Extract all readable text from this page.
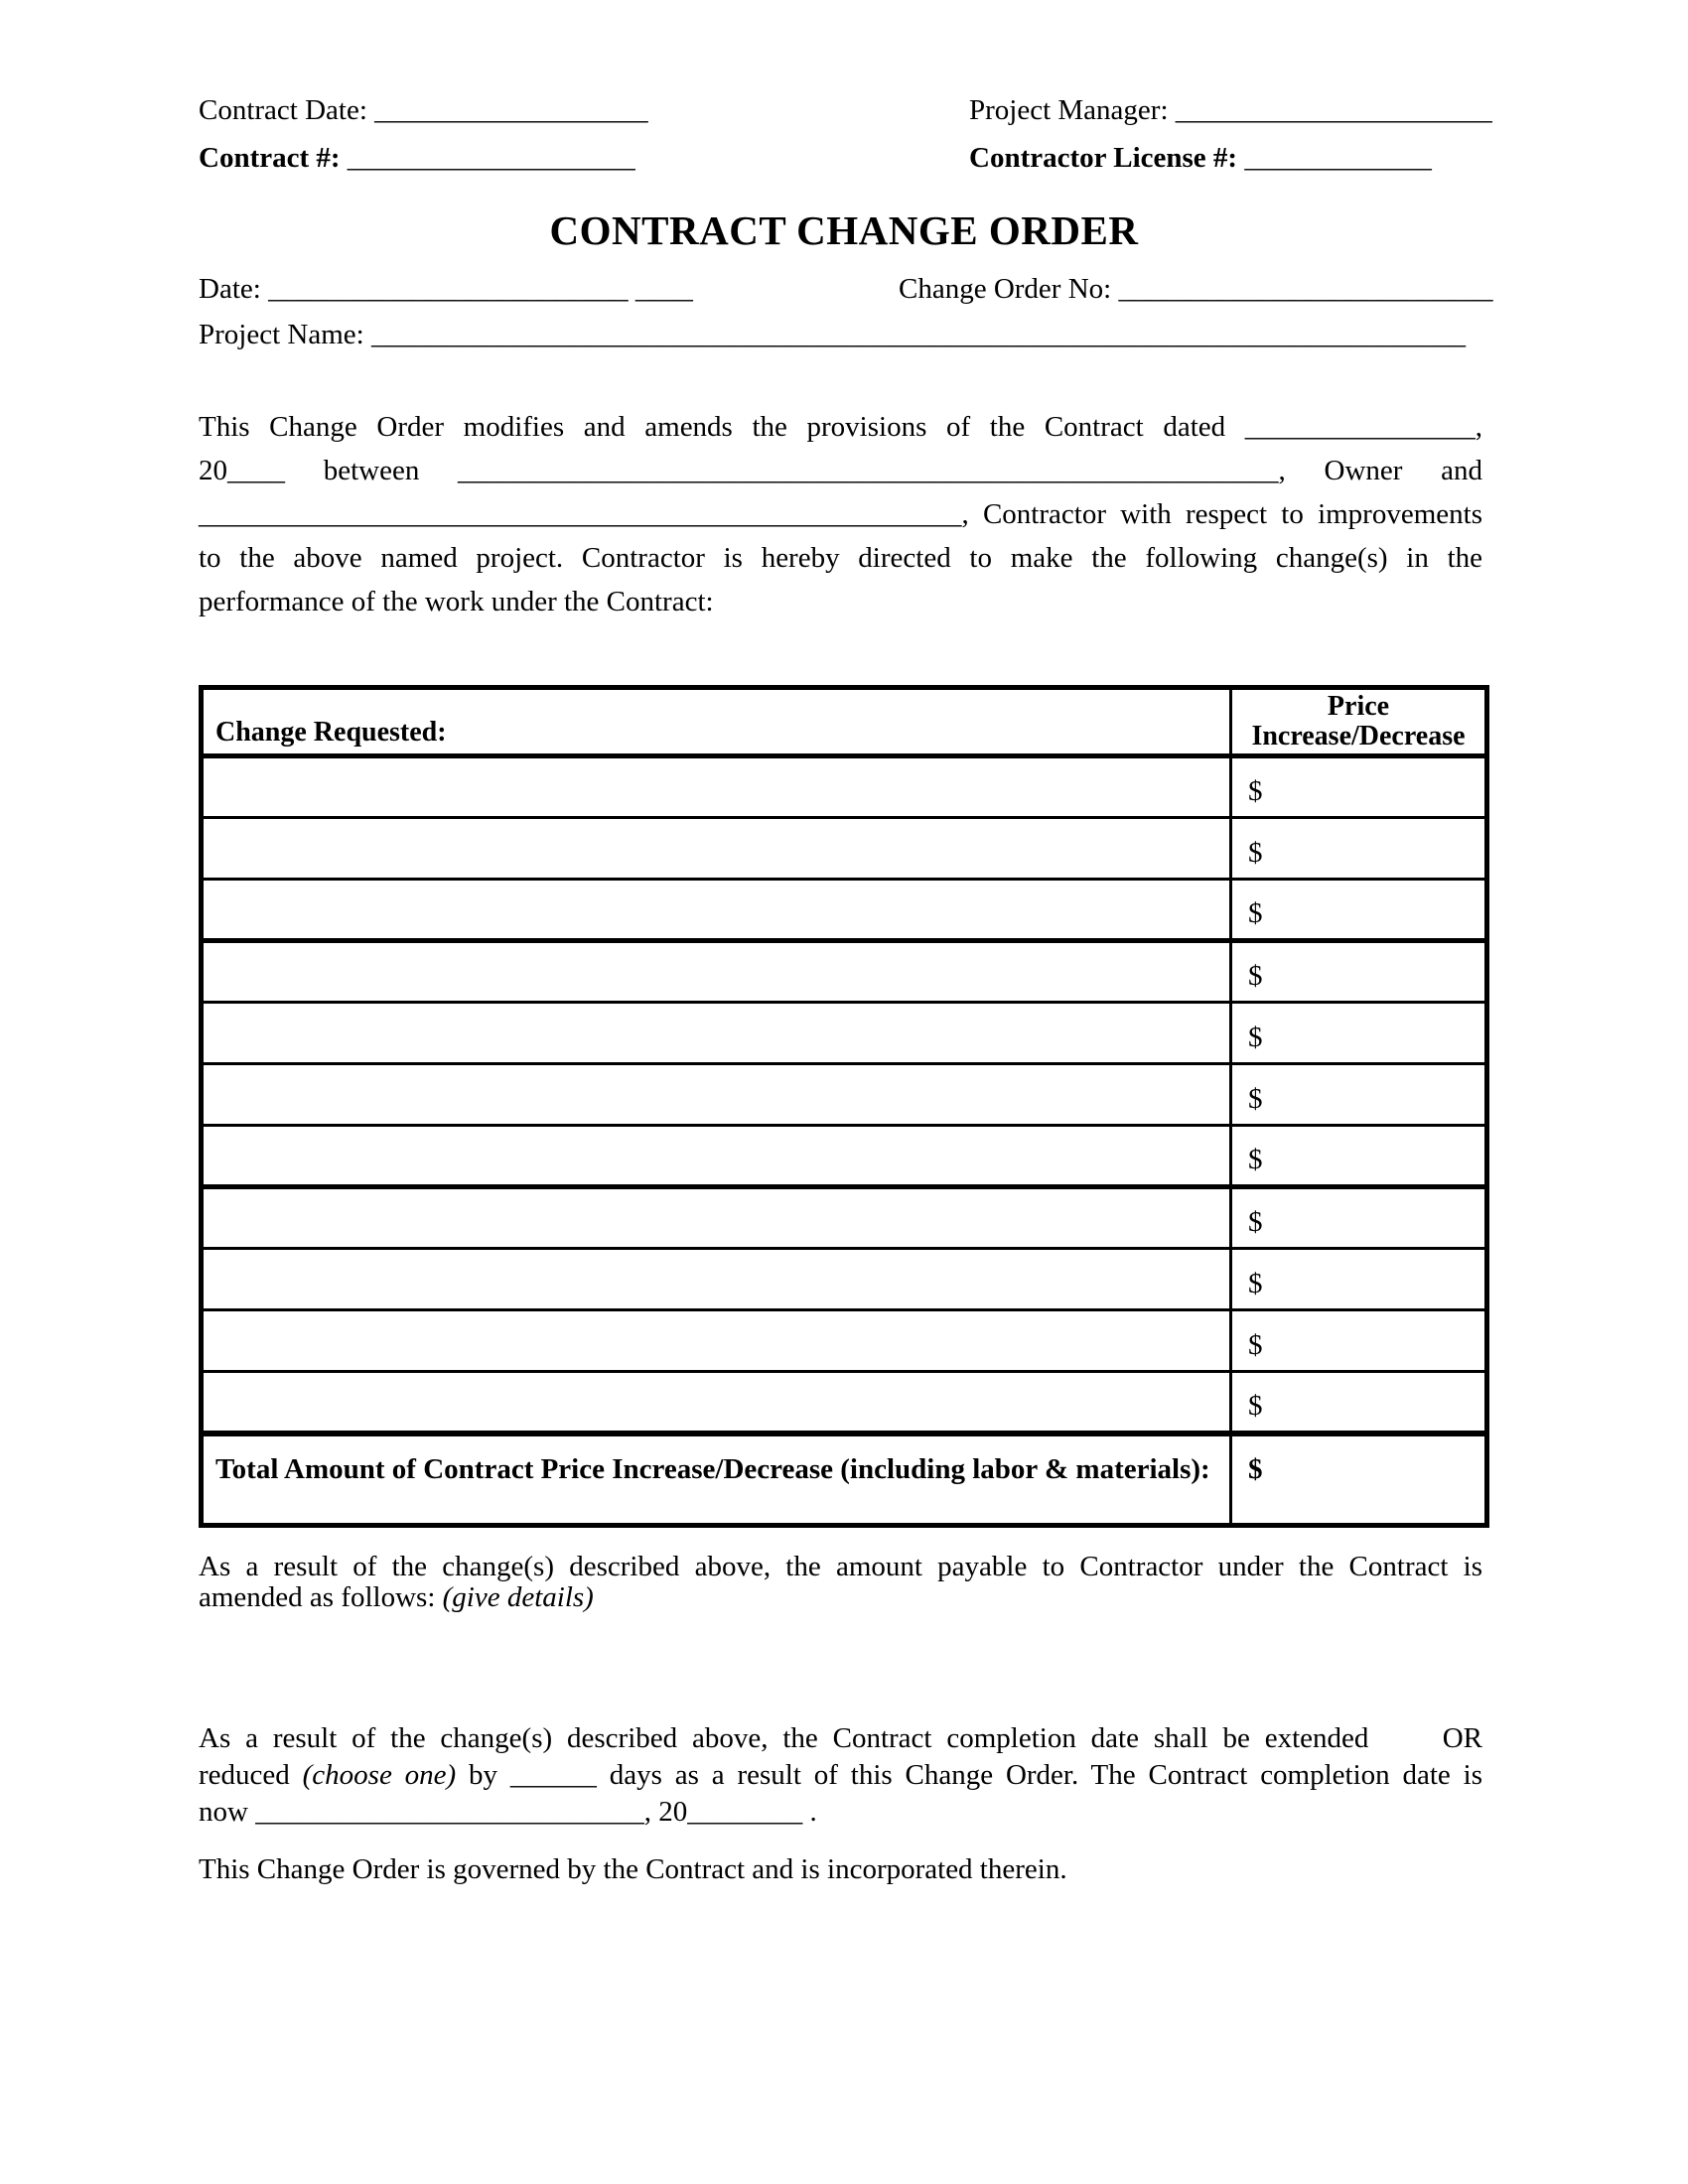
Contract Date: ___________________	Project Manager: ______________________
Contract #: ____________________	Contractor License #: _____________
CONTRACT CHANGE ORDER
Date: _________________________ ____	Change Order No: __________________________
Project Name: ____________________________________________________________________________
This Change Order modifies and amends the provisions of the Contract dated ________________,
20____ between _________________________________________________________, Owner and
_____________________________________________________, Contractor with respect to improvements
to the above named project. Contractor is hereby directed to make the following change(s) in the
performance of the work under the Contract:
Change Requested:	Price
Increase/Decrease

	$
	$
	$
	$
	$
	$
	$
	$
	$
	$
	$
Total Amount of Contract Price Increase/Decrease (including labor & materials):	$
As a result of the change(s) described above, the amount payable to Contractor under the Contract is
amended as follows: (give details)
As a result of the change(s) described above, the Contract completion date shall be extended     OR
reduced (choose one) by ______ days as a result of this Change Order. The Contract completion date is
now ___________________________, 20________ .
This Change Order is governed by the Contract and is incorporated therein.
